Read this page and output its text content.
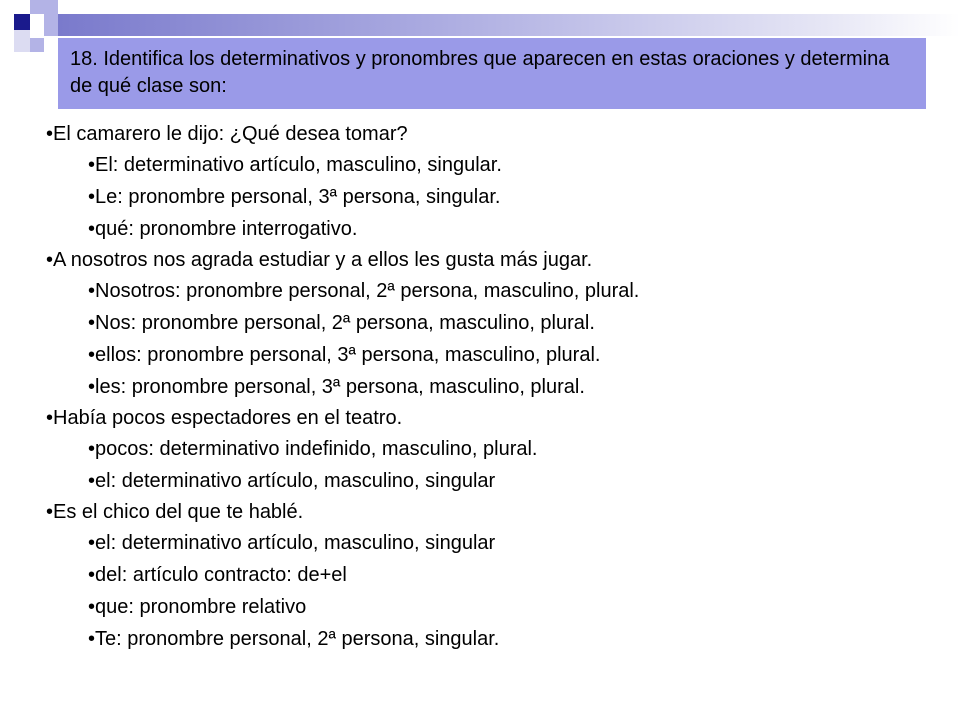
18. Identifica los determinativos y pronombres que aparecen en estas oraciones y determina de qué clase son:
•El camarero le dijo: ¿Qué desea tomar?
•El: determinativo artículo, masculino, singular.
•Le: pronombre personal, 3ª persona, singular.
•qué: pronombre interrogativo.
•A nosotros nos agrada estudiar y a ellos les gusta más jugar.
•Nosotros: pronombre personal, 2ª persona, masculino, plural.
•Nos: pronombre personal, 2ª persona, masculino, plural.
•ellos: pronombre personal, 3ª persona, masculino, plural.
•les: pronombre personal, 3ª persona, masculino, plural.
•Había pocos espectadores en el teatro.
•pocos: determinativo indefinido, masculino, plural.
•el: determinativo artículo, masculino, singular
•Es el chico del que te hablé.
•el: determinativo artículo, masculino, singular
•del: artículo contracto: de+el
•que: pronombre relativo
•Te: pronombre personal, 2ª persona, singular.
